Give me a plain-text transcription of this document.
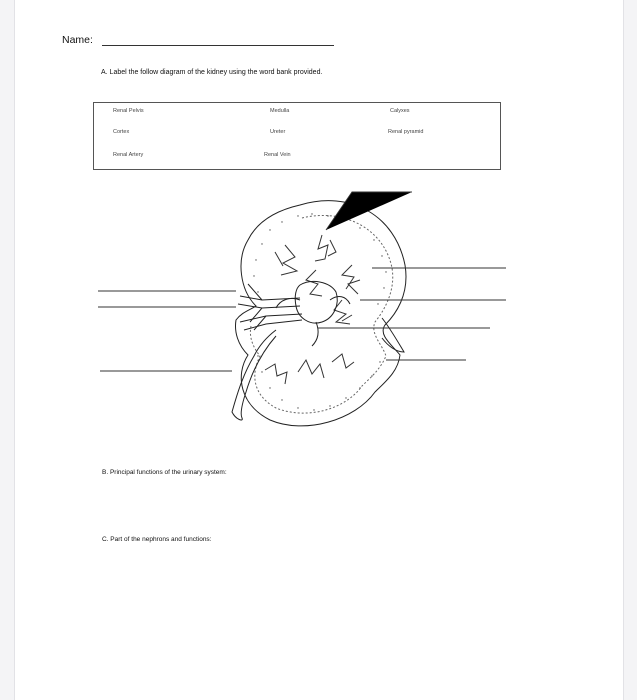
Name:
A. Label the follow diagram of the kidney using the word bank provided.
Renal Pelvis	Medulla	Calyxes
Cortex	Ureter	Renal pyramid
Renal Artery	Renal Vein
B. Principal functions of the urinary system:
C. Part of the nephrons and functions:
